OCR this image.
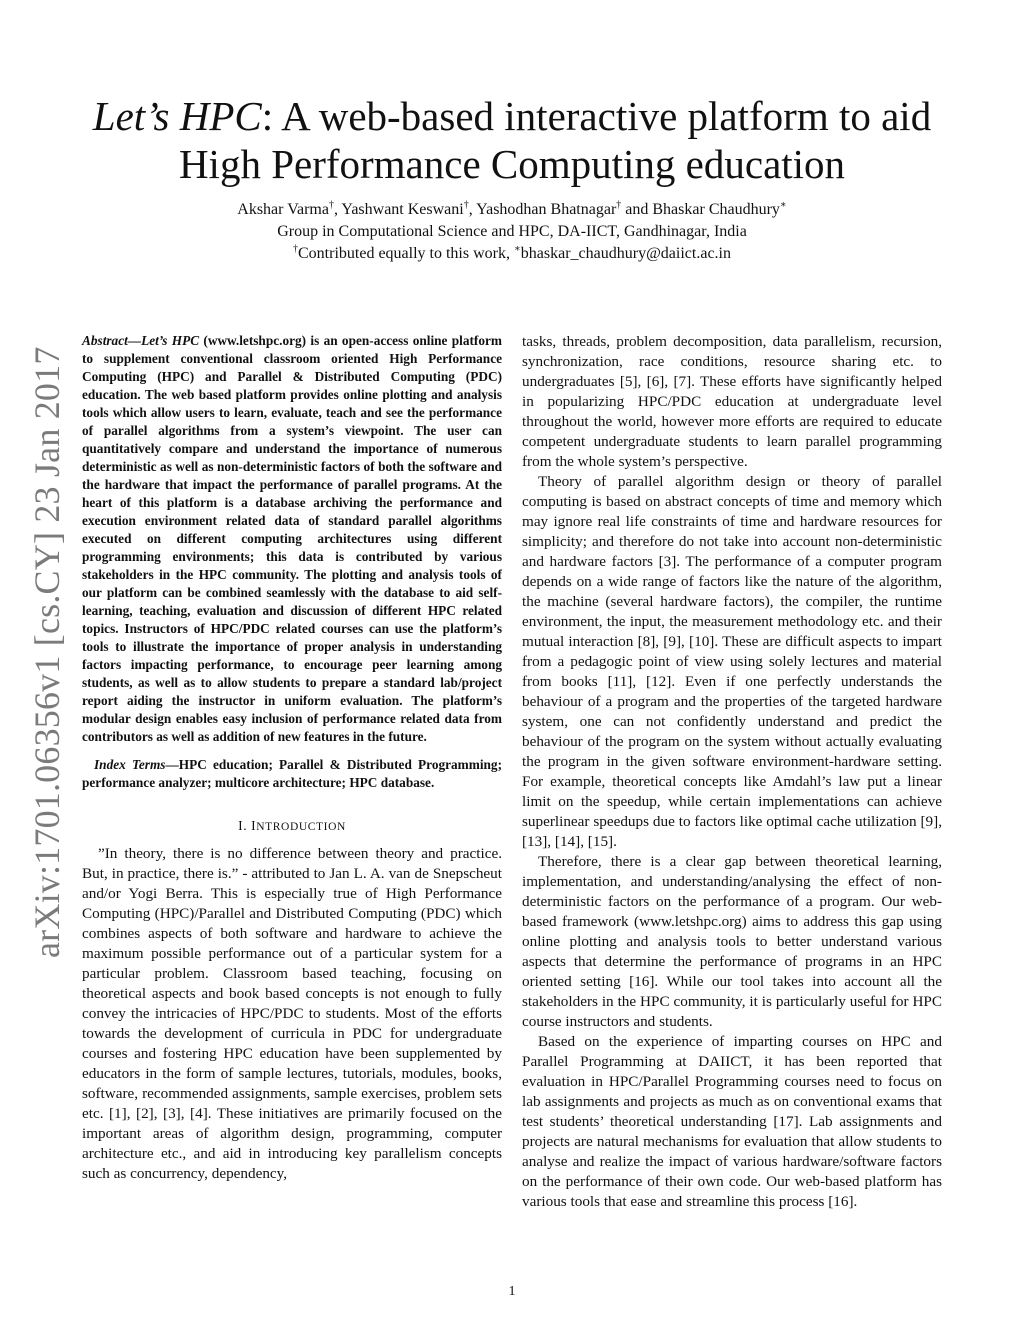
arXiv:1701.06356v1 [cs.CY] 23 Jan 2017
Let’s HPC: A web-based interactive platform to aid
High Performance Computing education
Akshar Varma†, Yashwant Keswani†, Yashodhan Bhatnagar† and Bhaskar Chaudhury∗
Group in Computational Science and HPC, DA-IICT, Gandhinagar, India
†Contributed equally to this work, ∗bhaskar_chaudhury@daiict.ac.in

Abstract—Let’s HPC (www.letshpc.org) is an open-access online platform to supplement conventional classroom oriented High Performance Computing (HPC) and Parallel & Distributed Computing (PDC) education. The web based platform provides online plotting and analysis tools which allow users to learn, evaluate, teach and see the performance of parallel algorithms from a system’s viewpoint. The user can quantitatively compare and understand the importance of numerous deterministic as well as non-deterministic factors of both the software and the hardware that impact the performance of parallel programs. At the heart of this platform is a database archiving the performance and execution environment related data of standard parallel algorithms executed on different computing architectures using different programming environments; this data is contributed by various stakeholders in the HPC community. The plotting and analysis tools of our platform can be combined seamlessly with the database to aid self-learning, teaching, evaluation and discussion of different HPC related topics. Instructors of HPC/PDC related courses can use the platform’s tools to illustrate the importance of proper analysis in understanding factors impacting performance, to encourage peer learning among students, as well as to allow students to prepare a standard lab/project report aiding the instructor in uniform evaluation. The platform’s modular design enables easy inclusion of performance related data from contributors as well as addition of new features in the future.

Index Terms—HPC education; Parallel & Distributed Programming; performance analyzer; multicore architecture; HPC database.

I. INTRODUCTION

”In theory, there is no difference between theory and practice. But, in practice, there is.” - attributed to Jan L. A. van de Snepscheut and/or Yogi Berra. This is especially true of High Performance Computing (HPC)/Parallel and Distributed Computing (PDC) which combines aspects of both software and hardware to achieve the maximum possible performance out of a particular system for a particular problem. Classroom based teaching, focusing on theoretical aspects and book based concepts is not enough to fully convey the intricacies of HPC/PDC to students. Most of the efforts towards the development of curricula in PDC for undergraduate courses and fostering HPC education have been supplemented by educators in the form of sample lectures, tutorials, modules, books, software, recommended assignments, sample exercises, problem sets etc. [1], [2], [3], [4]. These initiatives are primarily focused on the important areas of algorithm design, programming, computer architecture etc., and aid in introducing key parallelism concepts such as concurrency, dependency,

tasks, threads, problem decomposition, data parallelism, recursion, synchronization, race conditions, resource sharing etc. to undergraduates [5], [6], [7]. These efforts have significantly helped in popularizing HPC/PDC education at undergraduate level throughout the world, however more efforts are required to educate competent undergraduate students to learn parallel programming from the whole system’s perspective.

Theory of parallel algorithm design or theory of parallel computing is based on abstract concepts of time and memory which may ignore real life constraints of time and hardware resources for simplicity; and therefore do not take into account non-deterministic and hardware factors [3]. The performance of a computer program depends on a wide range of factors like the nature of the algorithm, the machine (several hardware factors), the compiler, the runtime environment, the input, the measurement methodology etc. and their mutual interaction [8], [9], [10]. These are difficult aspects to impart from a pedagogic point of view using solely lectures and material from books [11], [12]. Even if one perfectly understands the behaviour of a program and the properties of the targeted hardware system, one can not confidently understand and predict the behaviour of the program on the system without actually evaluating the program in the given software environment-hardware setting. For example, theoretical concepts like Amdahl’s law put a linear limit on the speedup, while certain implementations can achieve superlinear speedups due to factors like optimal cache utilization [9], [13], [14], [15].

Therefore, there is a clear gap between theoretical learning, implementation, and understanding/analysing the effect of non-deterministic factors on the performance of a program. Our web-based framework (www.letshpc.org) aims to address this gap using online plotting and analysis tools to better understand various aspects that determine the performance of programs in an HPC oriented setting [16]. While our tool takes into account all the stakeholders in the HPC community, it is particularly useful for HPC course instructors and students.

Based on the experience of imparting courses on HPC and Parallel Programming at DAIICT, it has been reported that evaluation in HPC/Parallel Programming courses need to focus on lab assignments and projects as much as on conventional exams that test students’ theoretical understanding [17]. Lab assignments and projects are natural mechanisms for evaluation that allow students to analyse and realize the impact of various hardware/software factors on the performance of their own code. Our web-based platform has various tools that ease and streamline this process [16].

1
